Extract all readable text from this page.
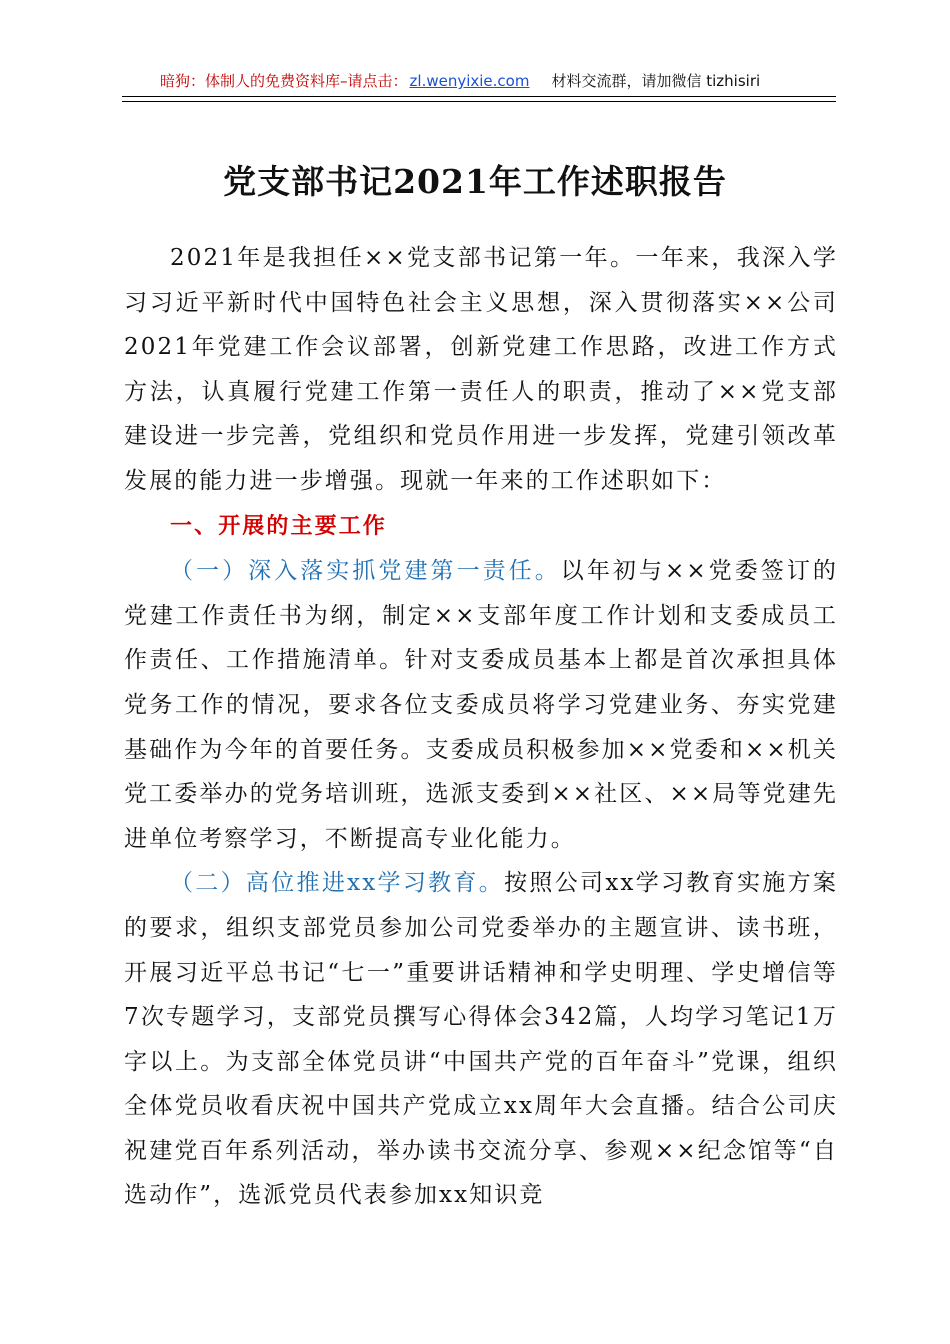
暗狗：体制人的免费资料库–请点击： zl.wenyixie.com 材料交流群，请加微信 tizhisiri
党支部书记2021年工作述职报告

2021年是我担任××党支部书记第一年。一年来，我深入学习习近平新时代中国特色社会主义思想，深入贯彻落实××公司2021年党建工作会议部署，创新党建工作思路，改进工作方式方法，认真履行党建工作第一责任人的职责，推动了××党支部建设进一步完善，党组织和党员作用进一步发挥，党建引领改革发展的能力进一步增强。现就一年来的工作述职如下：

一、开展的主要工作

（一）深入落实抓党建第一责任。以年初与××党委签订的党建工作责任书为纲，制定××支部年度工作计划和支委成员工作责任、工作措施清单。针对支委成员基本上都是首次承担具体党务工作的情况，要求各位支委成员将学习党建业务、夯实党建基础作为今年的首要任务。支委成员积极参加××党委和××机关党工委举办的党务培训班，选派支委到××社区、××局等党建先进单位考察学习，不断提高专业化能力。

（二）高位推进xx学习教育。按照公司xx学习教育实施方案的要求，组织支部党员参加公司党委举办的主题宣讲、读书班，开展习近平总书记“七一”重要讲话精神和学史明理、学史增信等7次专题学习，支部党员撰写心得体会342篇，人均学习笔记1万字以上。为支部全体党员讲“中国共产党的百年奋斗”党课，组织全体党员收看庆祝中国共产党成立xx周年大会直播。结合公司庆祝建党百年系列活动，举办读书交流分享、参观××纪念馆等“自选动作”，选派党员代表参加xx知识竞
